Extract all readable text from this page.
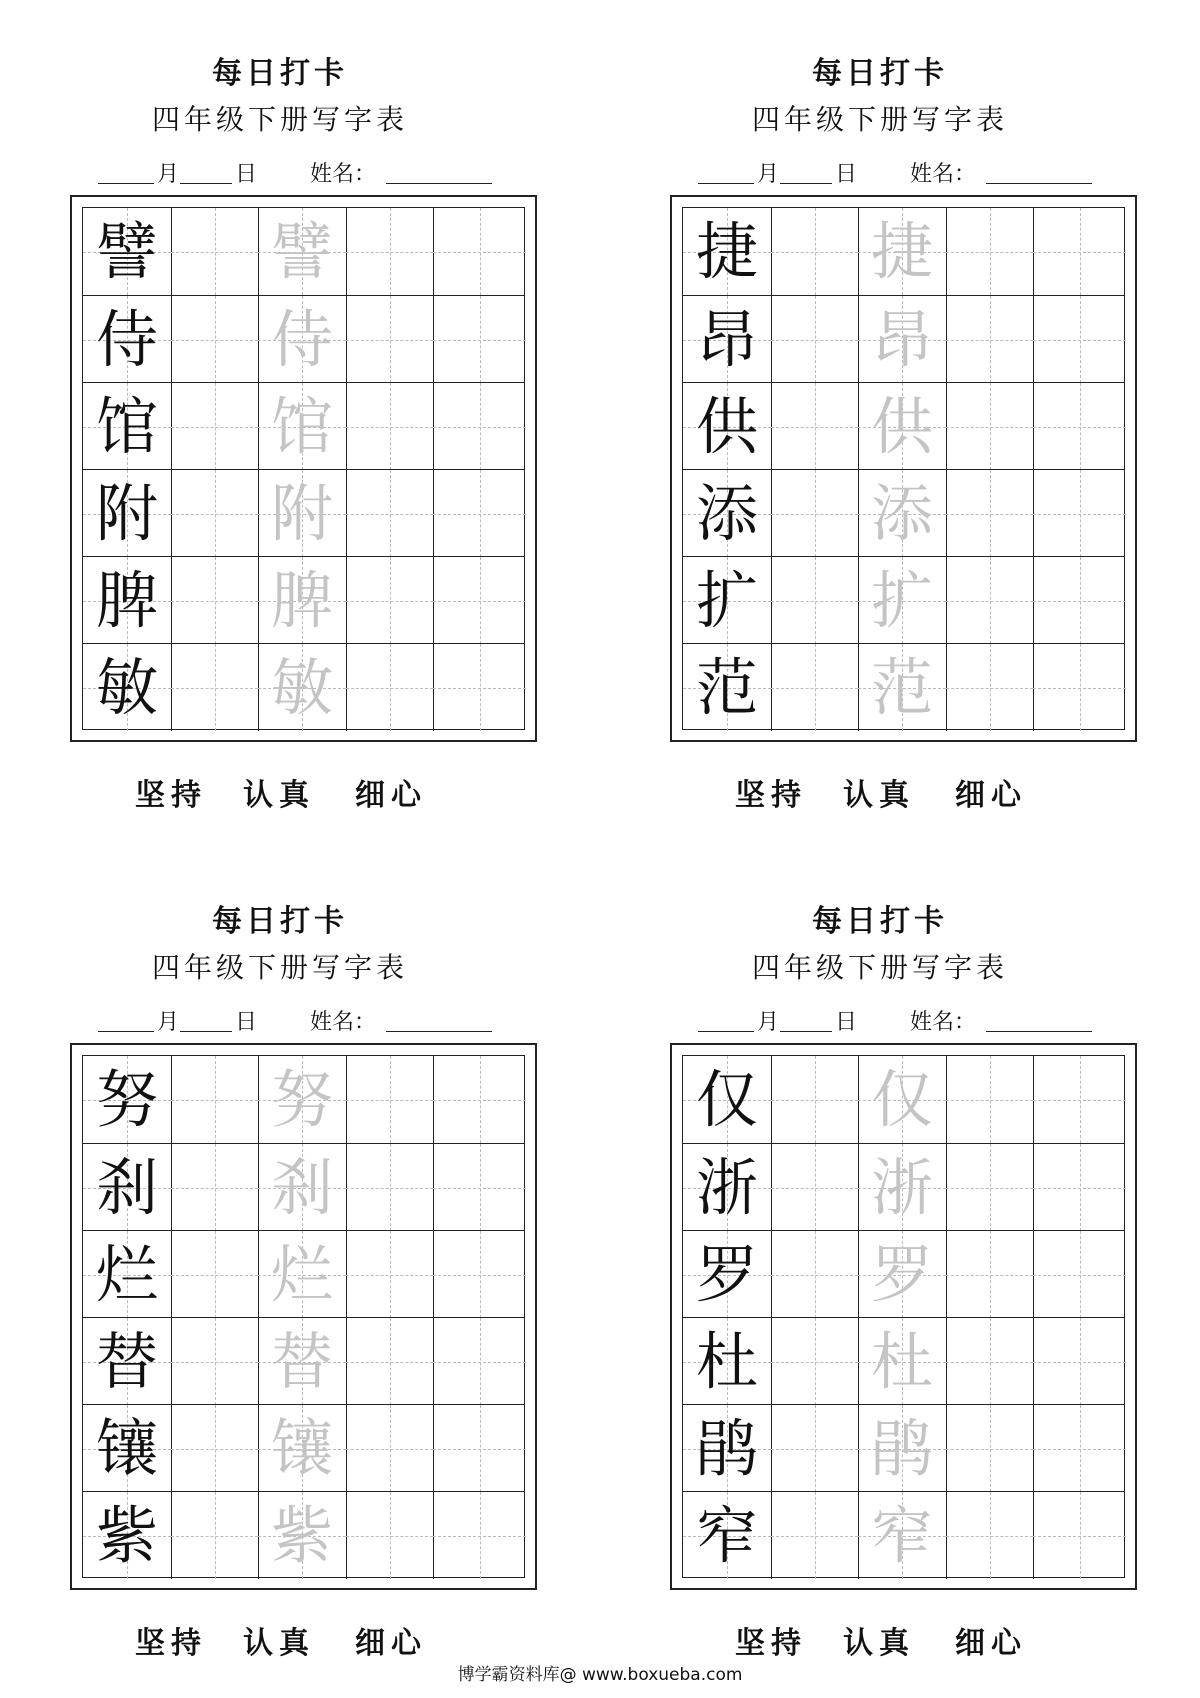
每日打卡
四年级下册写字表
月	日 姓名：
譬 譬
侍 侍
馆 馆
附 附
脾 脾
敏 敏
坚持 认真 细心
每日打卡
四年级下册写字表
月	日 姓名：
捷 捷
昂 昂
供 供
添 添
扩 扩
范 范
坚持 认真 细心
每日打卡
四年级下册写字表
月	日 姓名：
努 努
刹 刹
烂 烂
替 替
镶 镶
紫 紫
坚持 认真 细心
每日打卡
四年级下册写字表
月	日 姓名：
仅 仅
浙 浙
罗 罗
杜 杜
鹃 鹃
窄 窄
坚持 认真 细心
博学霸资料库@ www.boxueba.com
